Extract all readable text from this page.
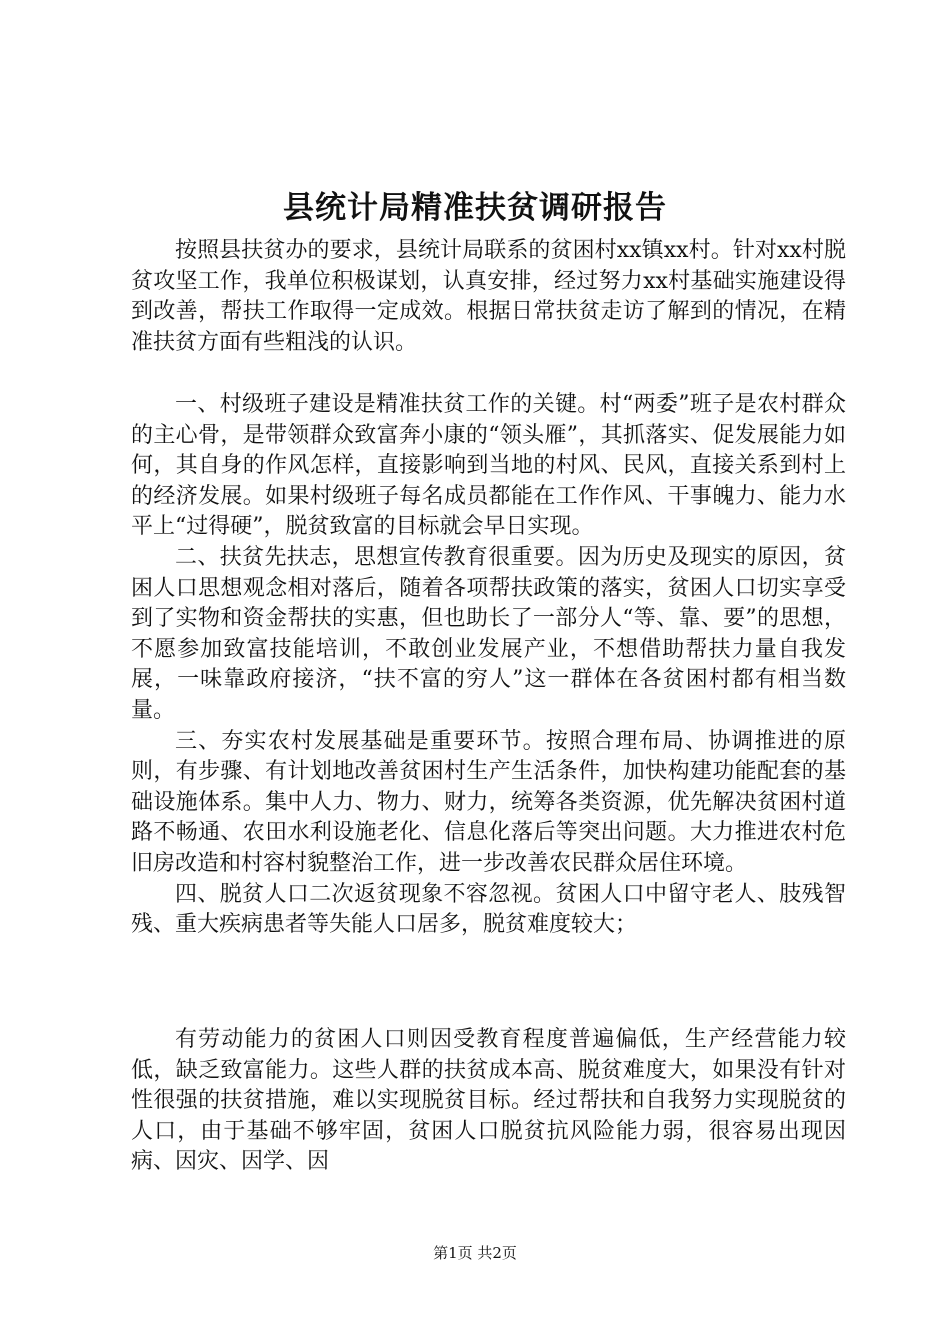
县统计局精准扶贫调研报告

按照县扶贫办的要求，县统计局联系的贫困村xx镇xx村。针对xx村脱贫攻坚工作，我单位积极谋划，认真安排，经过努力xx村基础实施建设得到改善，帮扶工作取得一定成效。根据日常扶贫走访了解到的情况，在精准扶贫方面有些粗浅的认识。

一、村级班子建设是精准扶贫工作的关键。村“两委”班子是农村群众的主心骨，是带领群众致富奔小康的“领头雁”，其抓落实、促发展能力如何，其自身的作风怎样，直接影响到当地的村风、民风，直接关系到村上的经济发展。如果村级班子每名成员都能在工作作风、干事魄力、能力水平上“过得硬”，脱贫致富的目标就会早日实现。

二、扶贫先扶志，思想宣传教育很重要。因为历史及现实的原因，贫困人口思想观念相对落后，随着各项帮扶政策的落实，贫困人口切实享受到了实物和资金帮扶的实惠，但也助长了一部分人“等、靠、要”的思想，不愿参加致富技能培训，不敢创业发展产业，不想借助帮扶力量自我发展，一味靠政府接济，“扶不富的穷人”这一群体在各贫困村都有相当数量。

三、夯实农村发展基础是重要环节。按照合理布局、协调推进的原则，有步骤、有计划地改善贫困村生产生活条件，加快构建功能配套的基础设施体系。集中人力、物力、财力，统筹各类资源，优先解决贫困村道路不畅通、农田水利设施老化、信息化落后等突出问题。大力推进农村危旧房改造和村容村貌整治工作，进一步改善农民群众居住环境。

四、脱贫人口二次返贫现象不容忽视。贫困人口中留守老人、肢残智残、重大疾病患者等失能人口居多，脱贫难度较大；

有劳动能力的贫困人口则因受教育程度普遍偏低，生产经营能力较低，缺乏致富能力。这些人群的扶贫成本高、脱贫难度大，如果没有针对性很强的扶贫措施，难以实现脱贫目标。经过帮扶和自我努力实现脱贫的人口，由于基础不够牢固，贫困人口脱贫抗风险能力弱，很容易出现因病、因灾、因学、因

第1页 共2页
